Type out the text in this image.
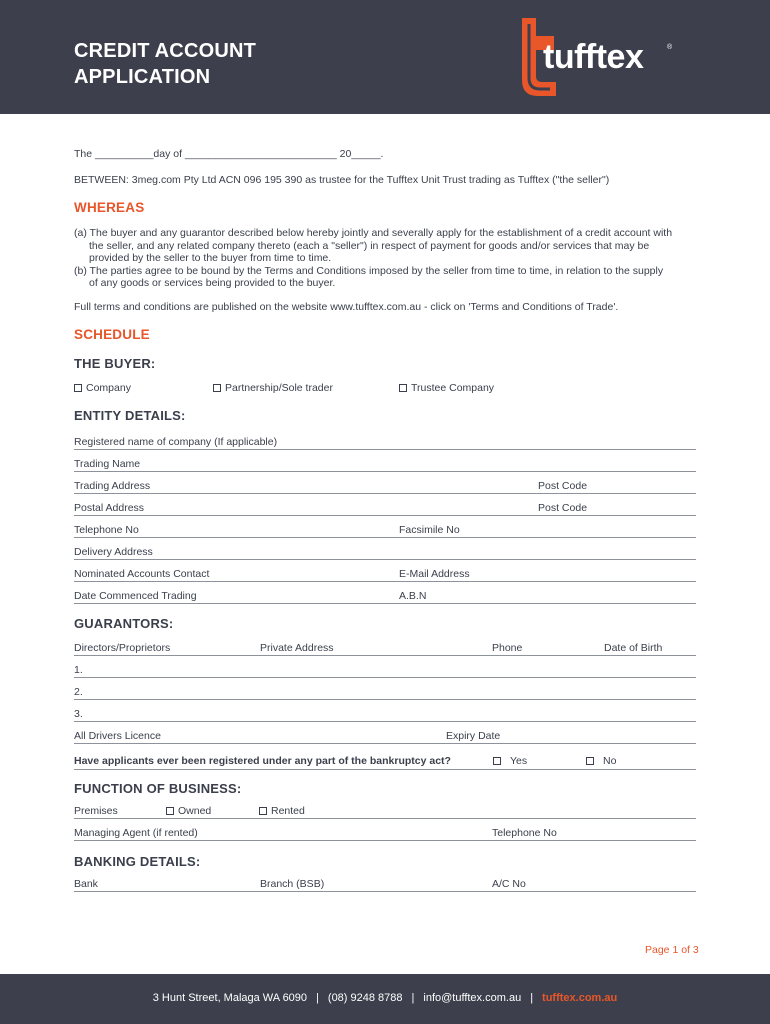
CREDIT ACCOUNT
APPLICATION
tufftex	®
The __________day of __________________________ 20_____.
BETWEEN: 3meg.com Pty Ltd ACN 096 195 390 as trustee for the Tufftex Unit Trust trading as Tufftex ("the seller")
WHEREAS
(a) The buyer and any guarantor described below hereby jointly and severally apply for the establishment of a credit account with the seller, and any related company thereto (each a "seller") in respect of payment for goods and/or services that may be provided by the seller to the buyer from time to time.
(b) The parties agree to be bound by the Terms and Conditions imposed by the seller from time to time, in relation to the supply of any goods or services being provided to the buyer.
Full terms and conditions are published on the website www.tufftex.com.au - click on 'Terms and Conditions of Trade'.
SCHEDULE
THE BUYER:
Company	Partnership/Sole trader	Trustee Company
ENTITY DETAILS:
Registered name of company (If applicable)
Trading Name
Trading Address	Post Code
Postal Address	Post Code
Telephone No	Facsimile No
Delivery Address
Nominated Accounts Contact	E-Mail Address
Date Commenced Trading	A.B.N
GUARANTORS:
Directors/Proprietors	Private Address	Phone	Date of Birth
1.
2.
3.
All Drivers Licence	Expiry Date
Have applicants ever been registered under any part of the bankruptcy act?	Yes	No
FUNCTION OF BUSINESS:
Premises	Owned	Rented
Managing Agent (if rented)	Telephone No
BANKING DETAILS:
Bank	Branch (BSB)	A/C No
Page 1 of 3
3 Hunt Street, Malaga WA 6090 | (08) 9248 8788 | info@tufftex.com.au | tufftex.com.au
